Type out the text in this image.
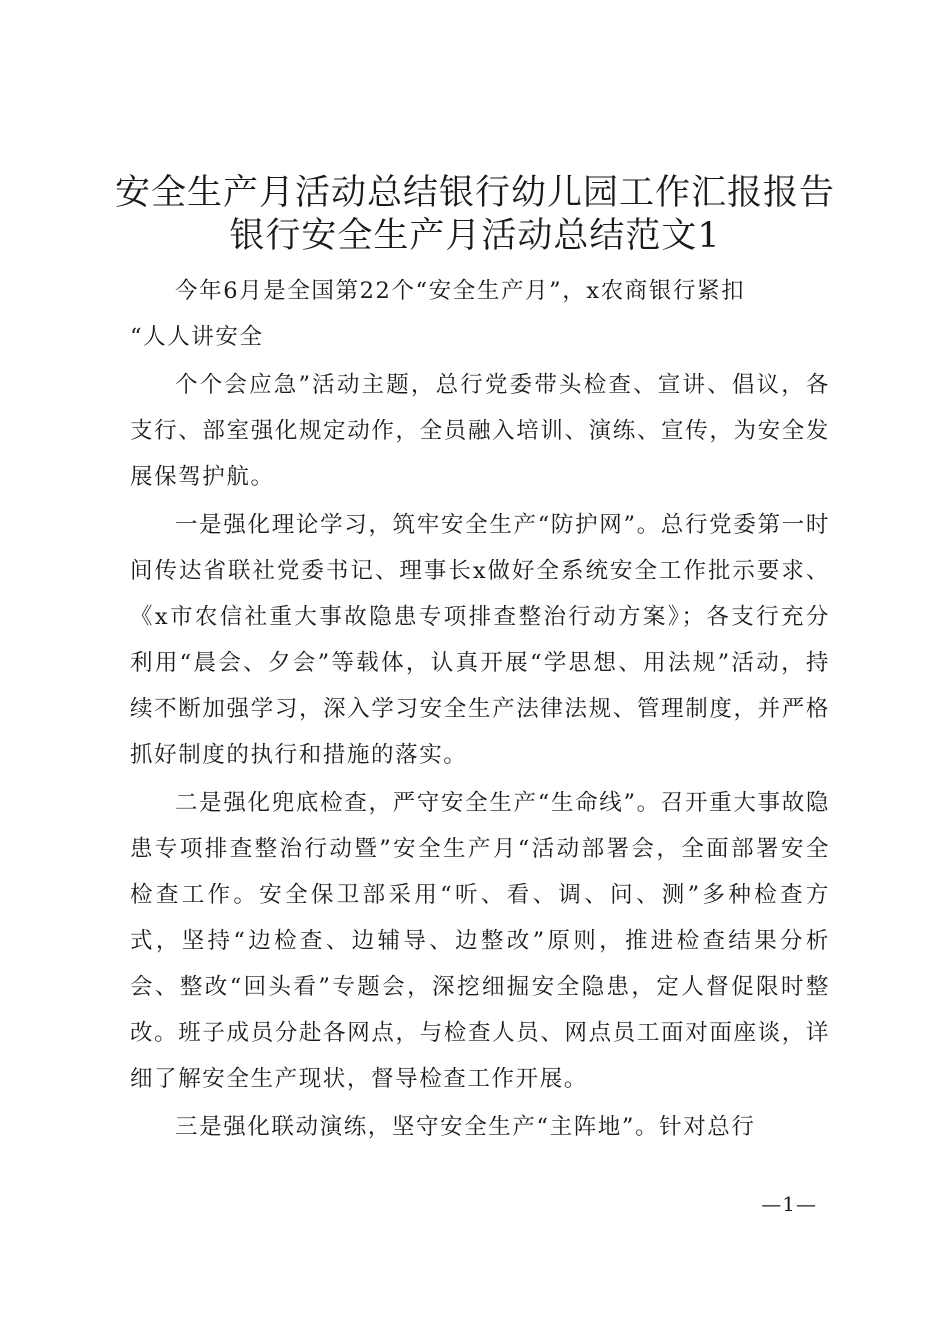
安全生产月活动总结银行幼儿园工作汇报报告
银行安全生产月活动总结范文1

今年6月是全国第22个“安全生产月”，x农商银行紧扣

“人人讲安全

个个会应急”活动主题，总行党委带头检查、宣讲、倡议，各支行、部室强化规定动作，全员融入培训、演练、宣传，为安全发展保驾护航。

一是强化理论学习，筑牢安全生产“防护网”。总行党委第一时间传达省联社党委书记、理事长x做好全系统安全工作批示要求、《x市农信社重大事故隐患专项排查整治行动方案》；各支行充分利用“晨会、夕会”等载体，认真开展“学思想、用法规”活动，持续不断加强学习，深入学习安全生产法律法规、管理制度，并严格抓好制度的执行和措施的落实。

二是强化兜底检查，严守安全生产“生命线”。召开重大事故隐患专项排查整治行动暨”安全生产月“活动部署会，全面部署安全检查工作。安全保卫部采用“听、看、调、问、测”多种检查方式，坚持“边检查、边辅导、边整改”原则，推进检查结果分析会、整改“回头看”专题会，深挖细掘安全隐患，定人督促限时整改。班子成员分赴各网点，与检查人员、网点员工面对面座谈，详细了解安全生产现状，督导检查工作开展。

三是强化联动演练，坚守安全生产“主阵地”。针对总行

—1—
